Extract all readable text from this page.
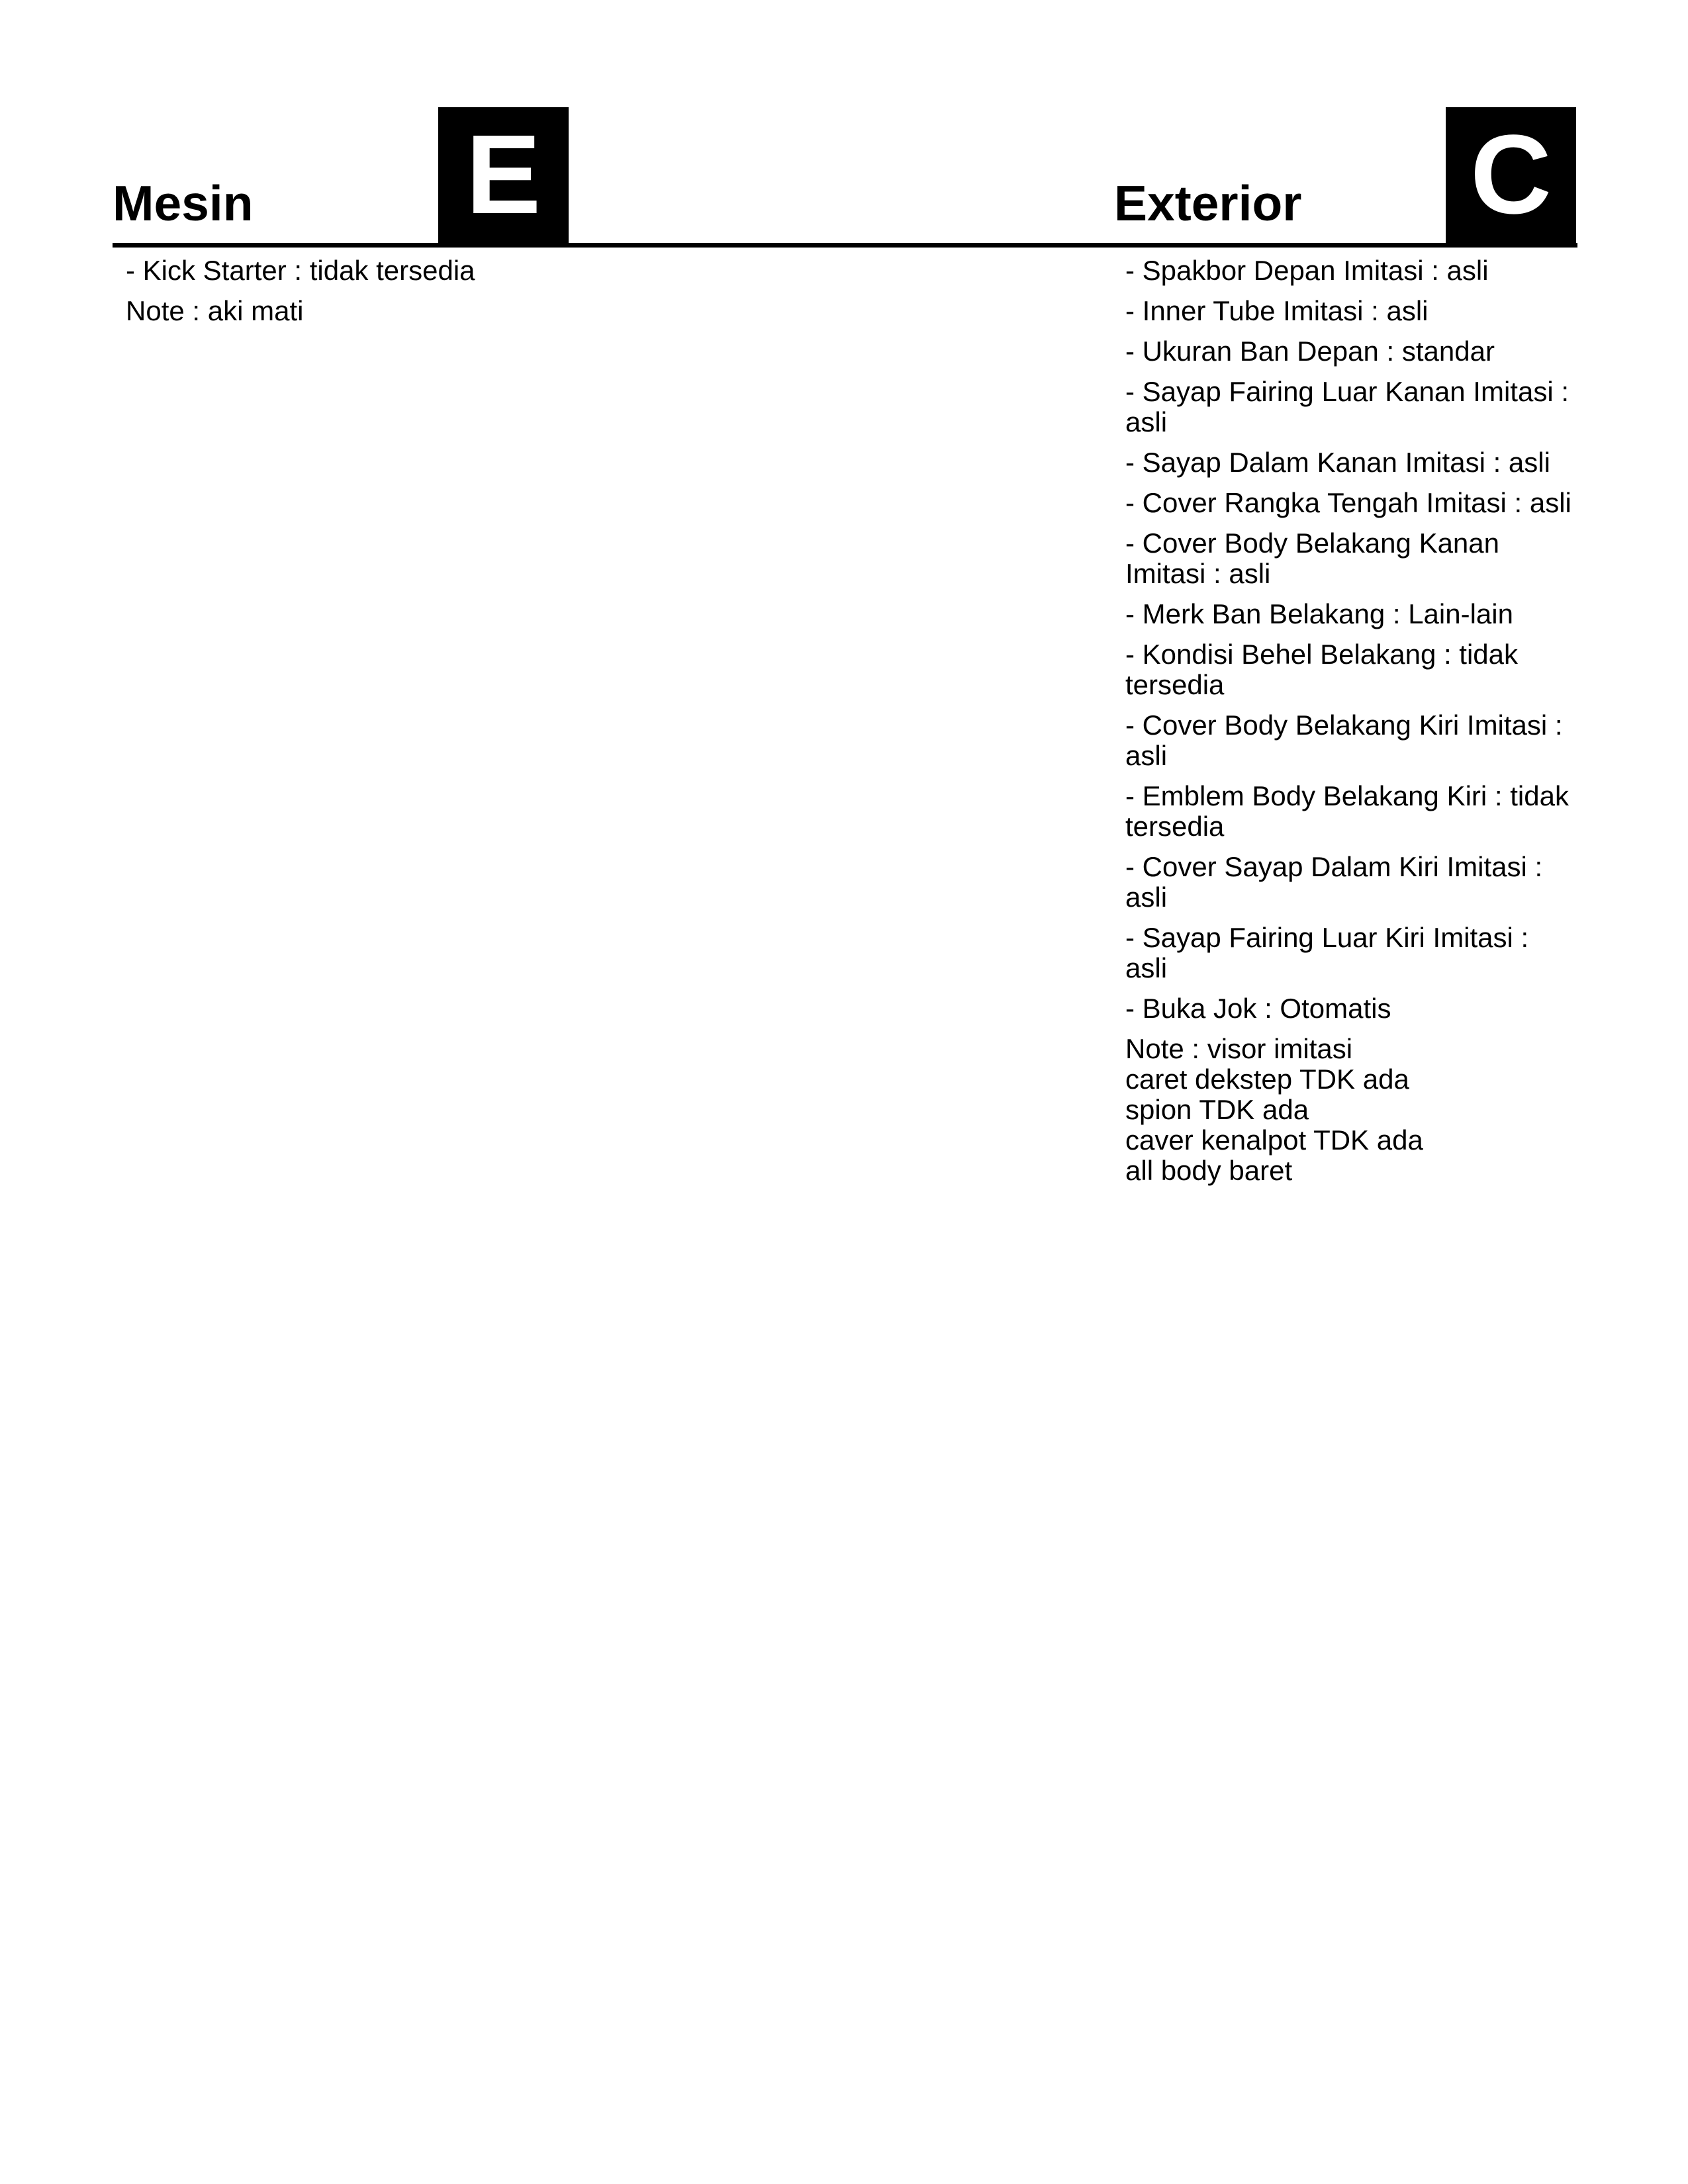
Mesin E
- Kick Starter : tidak tersedia
Note : aki mati
Exterior C
- Spakbor Depan Imitasi : asli
- Inner Tube Imitasi : asli
- Ukuran Ban Depan : standar
- Sayap Fairing Luar Kanan Imitasi : asli
- Sayap Dalam Kanan Imitasi : asli
- Cover Rangka Tengah Imitasi : asli
- Cover Body Belakang Kanan Imitasi : asli
- Merk Ban Belakang : Lain-lain
- Kondisi Behel Belakang : tidak tersedia
- Cover Body Belakang Kiri Imitasi : asli
- Emblem Body Belakang Kiri : tidak tersedia
- Cover Sayap Dalam Kiri Imitasi : asli
- Sayap Fairing Luar Kiri Imitasi : asli
- Buka Jok : Otomatis
Note : visor imitasi
caret dekstep TDK ada
spion TDK ada
caver kenalpot TDK ada
all body baret
